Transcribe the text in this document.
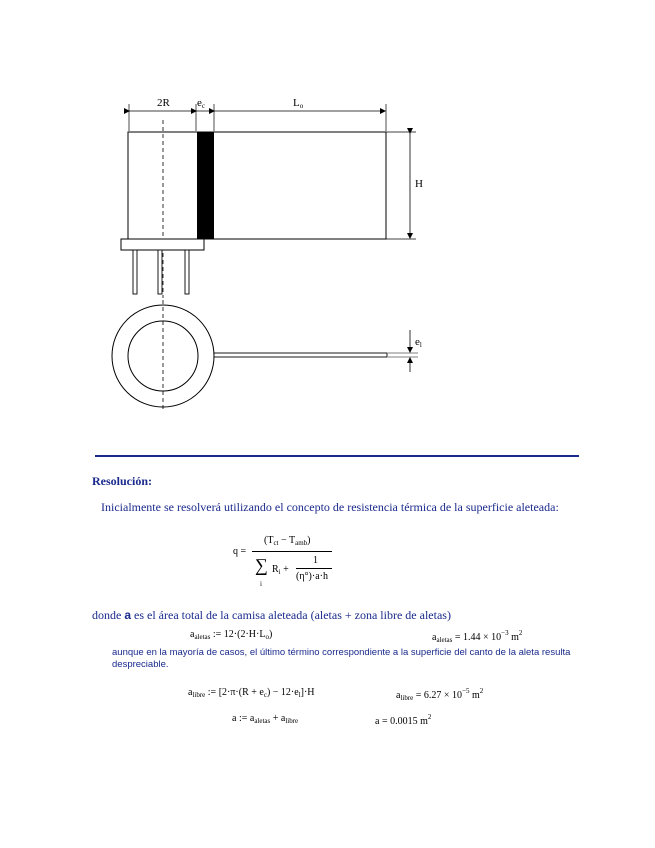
2R $e_c$	$L_o$
H
$e_l$
Resolución:
Inicialmente se resolverá utilizando el concepto de resistencia térmica de la superficie aleteada:
q =
$(T_{ct} - T_{amb})$
∑
i
$R_i$ +
1
(η°)·a·h
donde a es el área total de la camisa aleteada (aletas + zona libre de aletas)
$a_{aletas}$ := $12\cdot(2\cdot H\cdot L_o)$	$a_{aletas} = 1.44 \times 10^{-3}$ $m^2$
aunque en la mayoría de casos, el último término correspondiente a la superficie del canto de la aleta resulta despreciable.
$a_{libre}$ := $[2\cdot\pi\cdot(R + e_c) - 12\cdot e_l]\cdot H$	$a_{libre} = 6.27 \times 10^{-5}$ $m^2$
a := $a_{aletas} + a_{libre}$	a = 0.0015 $m^2$
